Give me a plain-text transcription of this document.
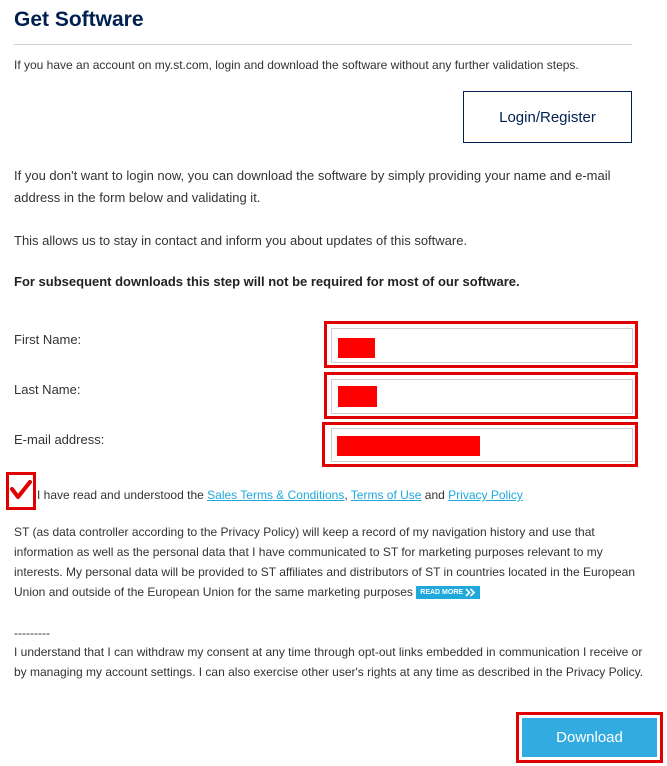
Get Software

If you have an account on my.st.com, login and download the software without any further validation steps.

Login/Register

If you don't want to login now, you can download the software by simply providing your name and e-mail address in the form below and validating it.

This allows us to stay in contact and inform you about updates of this software.

For subsequent downloads this step will not be required for most of our software.

First Name:
Last Name:
E-mail address:
I have read and understood the Sales Terms & Conditions, Terms of Use and Privacy Policy

ST (as data controller according to the Privacy Policy) will keep a record of my navigation history and use that information as well as the personal data that I have communicated to ST for marketing purposes relevant to my interests. My personal data will be provided to ST affiliates and distributors of ST in countries located in the European Union and outside of the European Union for the same marketing purposes READ MORE

---------

I understand that I can withdraw my consent at any time through opt-out links embedded in communication I receive or by managing my account settings. I can also exercise other user's rights at any time as described in the Privacy Policy.

Download
